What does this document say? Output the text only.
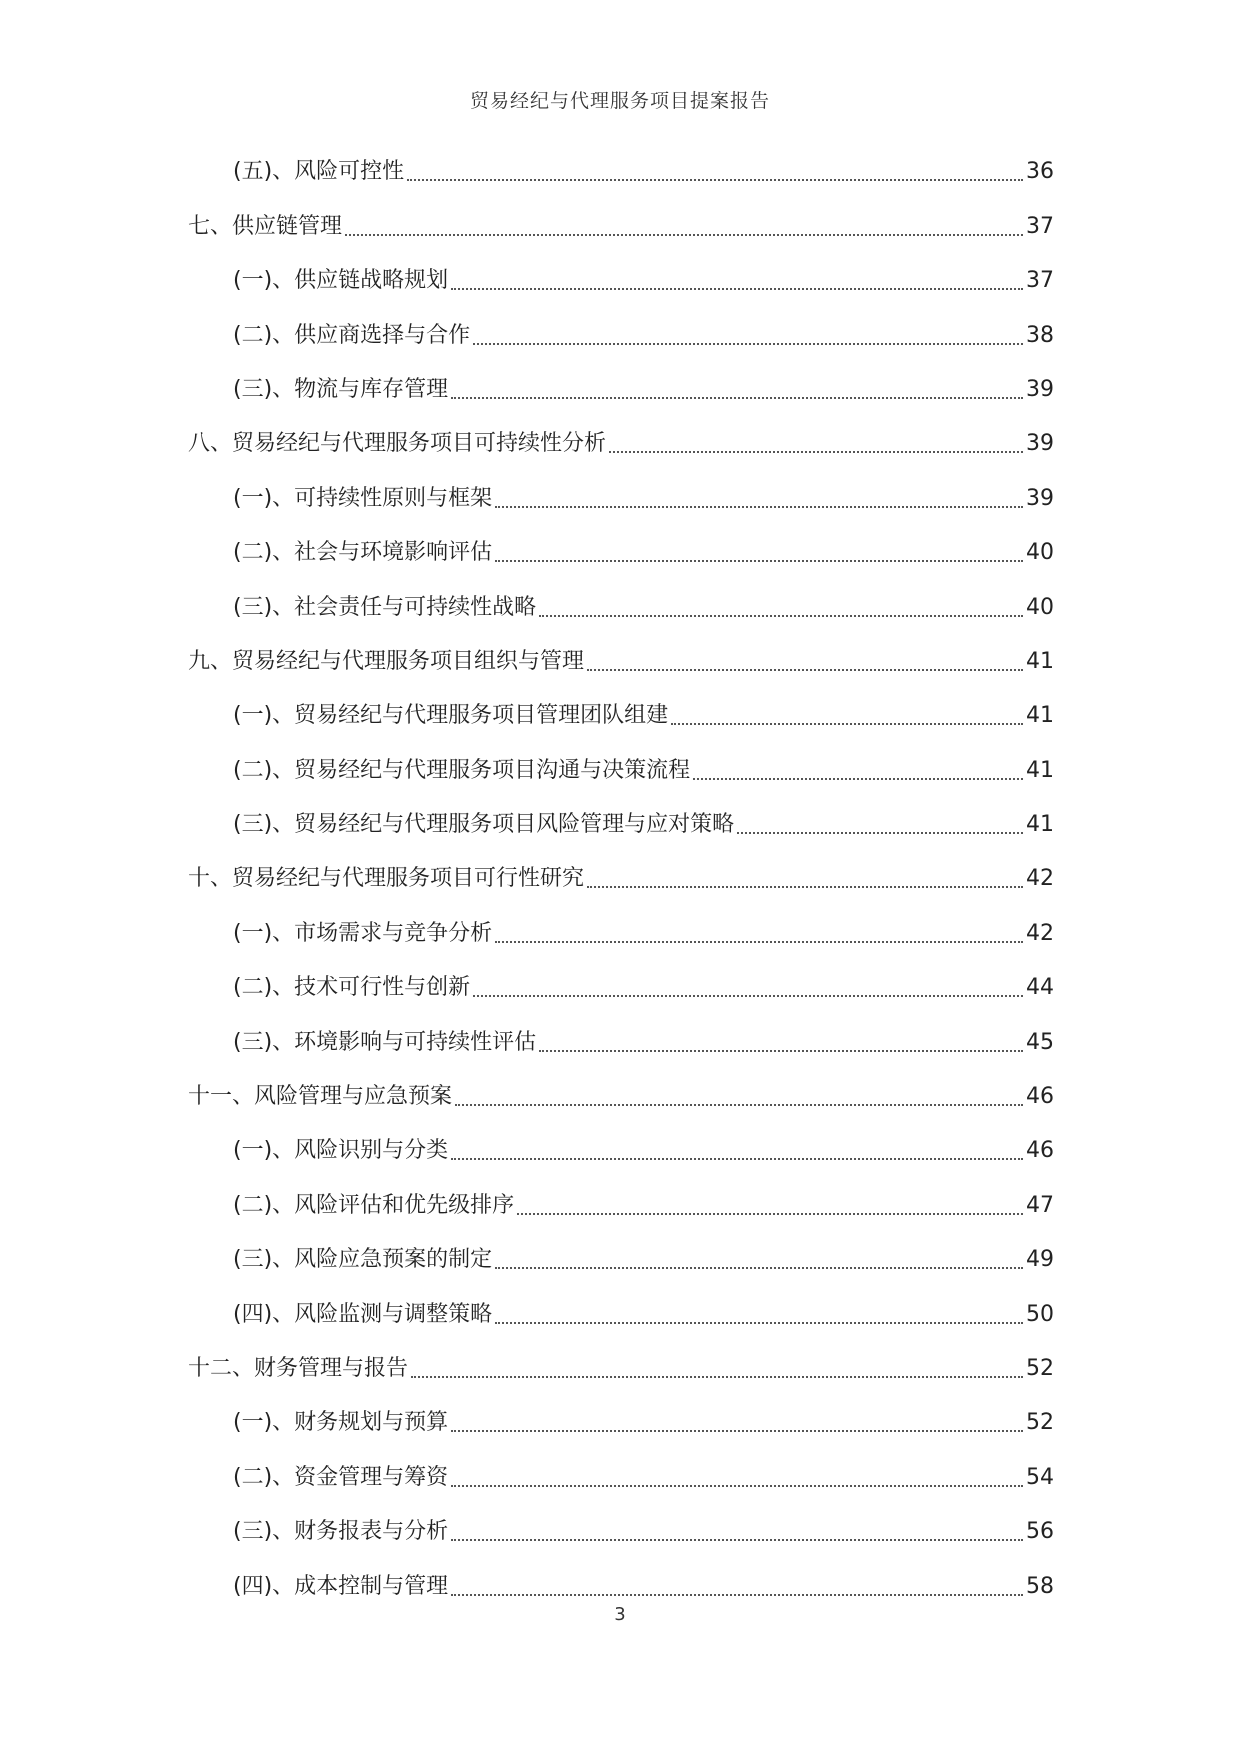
贸易经纪与代理服务项目提案报告
(五)、风险可控性	36
七、供应链管理	37
(一)、供应链战略规划	37
(二)、供应商选择与合作	38
(三)、物流与库存管理	39
八、贸易经纪与代理服务项目可持续性分析	39
(一)、可持续性原则与框架	39
(二)、社会与环境影响评估	40
(三)、社会责任与可持续性战略	40
九、贸易经纪与代理服务项目组织与管理	41
(一)、贸易经纪与代理服务项目管理团队组建	41
(二)、贸易经纪与代理服务项目沟通与决策流程	41
(三)、贸易经纪与代理服务项目风险管理与应对策略	41
十、贸易经纪与代理服务项目可行性研究	42
(一)、市场需求与竞争分析	42
(二)、技术可行性与创新	44
(三)、环境影响与可持续性评估	45
十一、风险管理与应急预案	46
(一)、风险识别与分类	46
(二)、风险评估和优先级排序	47
(三)、风险应急预案的制定	49
(四)、风险监测与调整策略	50
十二、财务管理与报告	52
(一)、财务规划与预算	52
(二)、资金管理与筹资	54
(三)、财务报表与分析	56
(四)、成本控制与管理	58
3
